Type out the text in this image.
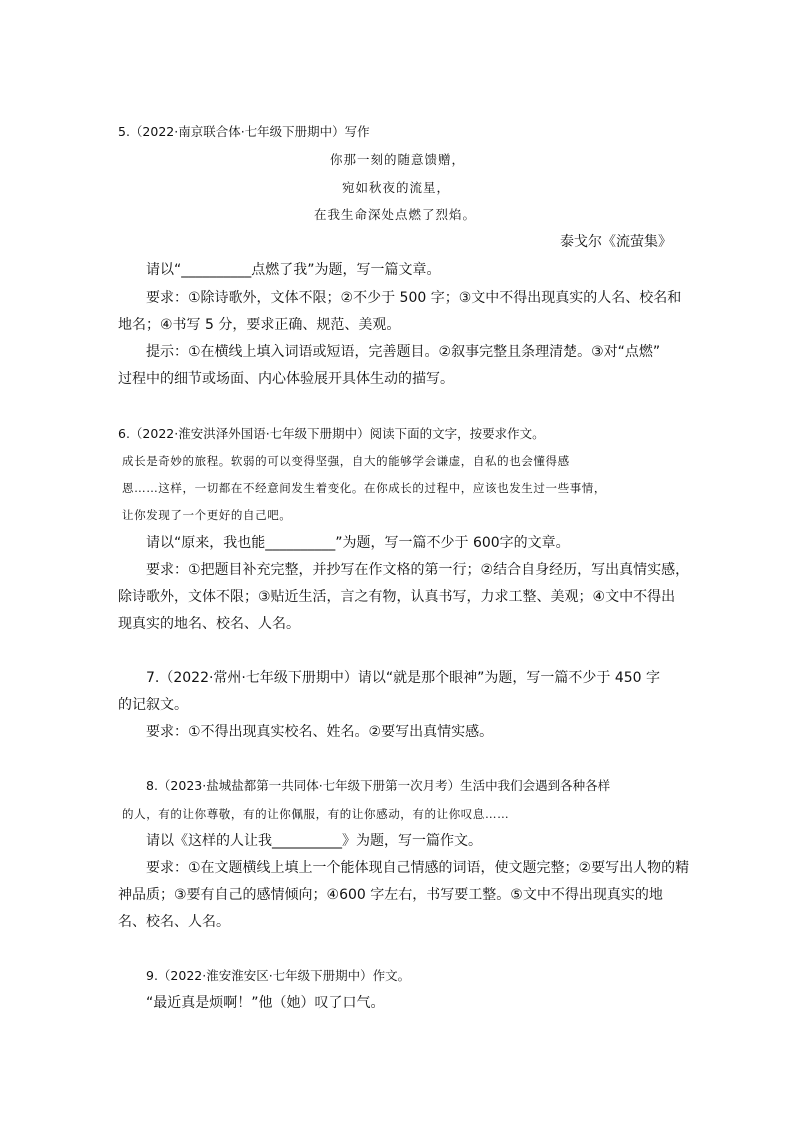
5.（2022·南京联合体·七年级下册期中）写作
你那一刻的随意馈赠，
宛如秋夜的流星，
在我生命深处点燃了烈焰。
泰戈尔《流萤集》
请以“__________点燃了我”为题，写一篇文章。
要求：①除诗歌外，文体不限；②不少于 500 字；③文中不得出现真实的人名、校名和
地名；④书写 5 分，要求正确、规范、美观。
提示：①在横线上填入词语或短语，完善题目。②叙事完整且条理清楚。③对“点燃”
过程中的细节或场面、内心体验展开具体生动的描写。
6.（2022·淮安洪泽外国语·七年级下册期中）阅读下面的文字，按要求作文。
成长是奇妙的旅程。软弱的可以变得坚强，自大的能够学会谦虚，自私的也会懂得感
恩……这样，一切都在不经意间发生着变化。在你成长的过程中，应该也发生过一些事情，
让你发现了一个更好的自己吧。
请以“原来，我也能__________”为题，写一篇不少于 600字的文章。
要求：①把题目补充完整，并抄写在作文格的第一行；②结合自身经历，写出真情实感，
除诗歌外，文体不限；③贴近生活，言之有物，认真书写，力求工整、美观；④文中不得出
现真实的地名、校名、人名。
7.（2022·常州·七年级下册期中）请以“就是那个眼神”为题，写一篇不少于 450 字
的记叙文。
要求：①不得出现真实校名、姓名。②要写出真情实感。
8.（2023·盐城盐都第一共同体·七年级下册第一次月考）生活中我们会遇到各种各样
的人，有的让你尊敬，有的让你佩服，有的让你感动，有的让你叹息……
请以《这样的人让我__________》为题，写一篇作文。
要求：①在文题横线上填上一个能体现自己情感的词语，使文题完整；②要写出人物的精
神品质；③要有自己的感情倾向；④600 字左右，书写要工整。⑤文中不得出现真实的地
名、校名、人名。
9.（2022·淮安淮安区·七年级下册期中）作文。
“最近真是烦啊！”他（她）叹了口气。
